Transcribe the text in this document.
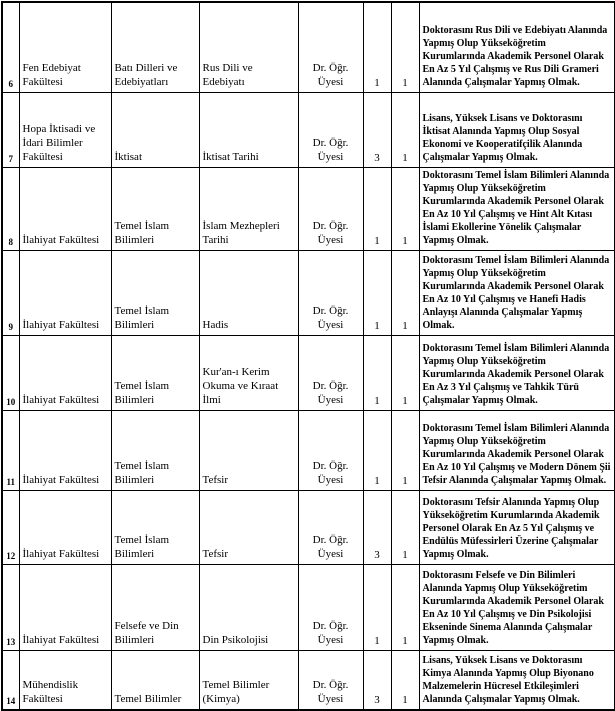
6	Fen Edebiyat Fakültesi	Batı Dilleri ve Edebiyatları	Rus Dili ve Edebiyatı	Dr. Öğr. Üyesi	1	1	Doktorasını Rus Dili ve Edebiyatı Alanında Yapmış Olup Yükseköğretim Kurumlarında Akademik Personel Olarak En Az 5 Yıl Çalışmış ve Rus Dili Grameri Alanında Çalışmalar Yapmış Olmak.
7	Hopa İktisadi ve İdari Bilimler Fakültesi	İktisat	İktisat Tarihi	Dr. Öğr. Üyesi	3	1	Lisans, Yüksek Lisans ve Doktorasını İktisat Alanında Yapmış Olup Sosyal Ekonomi ve Kooperatifçilik Alanında Çalışmalar Yapmış Olmak.
8	İlahiyat Fakültesi	Temel İslam Bilimleri	İslam Mezhepleri Tarihi	Dr. Öğr. Üyesi	1	1	Doktorasını Temel İslam Bilimleri Alanında Yapmış Olup Yükseköğretim Kurumlarında Akademik Personel Olarak En Az 10 Yıl Çalışmış ve Hint Alt Kıtası İslami Ekollerine Yönelik Çalışmalar Yapmış Olmak.
9	İlahiyat Fakültesi	Temel İslam Bilimleri	Hadis	Dr. Öğr. Üyesi	1	1	Doktorasını Temel İslam Bilimleri Alanında Yapmış Olup Yükseköğretim Kurumlarında Akademik Personel Olarak En Az 10 Yıl Çalışmış ve Hanefi Hadis Anlayışı Alanında Çalışmalar Yapmış Olmak.
10	İlahiyat Fakültesi	Temel İslam Bilimleri	Kur'an-ı Kerim Okuma ve Kıraat İlmi	Dr. Öğr. Üyesi	1	1	Doktorasını Temel İslam Bilimleri Alanında Yapmış Olup Yükseköğretim Kurumlarında Akademik Personel Olarak En Az 3 Yıl Çalışmış ve Tahkik Türü Çalışmalar Yapmış Olmak.
11	İlahiyat Fakültesi	Temel İslam Bilimleri	Tefsir	Dr. Öğr. Üyesi	1	1	Doktorasını Temel İslam Bilimleri Alanında Yapmış Olup Yükseköğretim Kurumlarında Akademik Personel Olarak En Az 10 Yıl Çalışmış ve Modern Dönem Şii Tefsir Alanında Çalışmalar Yapmış Olmak.
12	İlahiyat Fakültesi	Temel İslam Bilimleri	Tefsir	Dr. Öğr. Üyesi	3	1	Doktorasını Tefsir Alanında Yapmış Olup Yükseköğretim Kurumlarında Akademik Personel Olarak En Az 5 Yıl Çalışmış ve Endülüs Müfessirleri Üzerine Çalışmalar Yapmış Olmak.
13	İlahiyat Fakültesi	Felsefe ve Din Bilimleri	Din Psikolojisi	Dr. Öğr. Üyesi	1	1	Doktorasını Felsefe ve Din Bilimleri Alanında Yapmış Olup Yükseköğretim Kurumlarında Akademik Personel Olarak En Az 10 Yıl Çalışmış ve Din Psikolojisi Ekseninde Sinema Alanında Çalışmalar Yapmış Olmak.
14	Mühendislik Fakültesi	Temel Bilimler	Temel Bilimler (Kimya)	Dr. Öğr. Üyesi	3	1	Lisans, Yüksek Lisans ve Doktorasını Kimya Alanında Yapmış Olup Biyonano Malzemelerin Hücresel Etkileşimleri Alanında Çalışmalar Yapmış Olmak.
